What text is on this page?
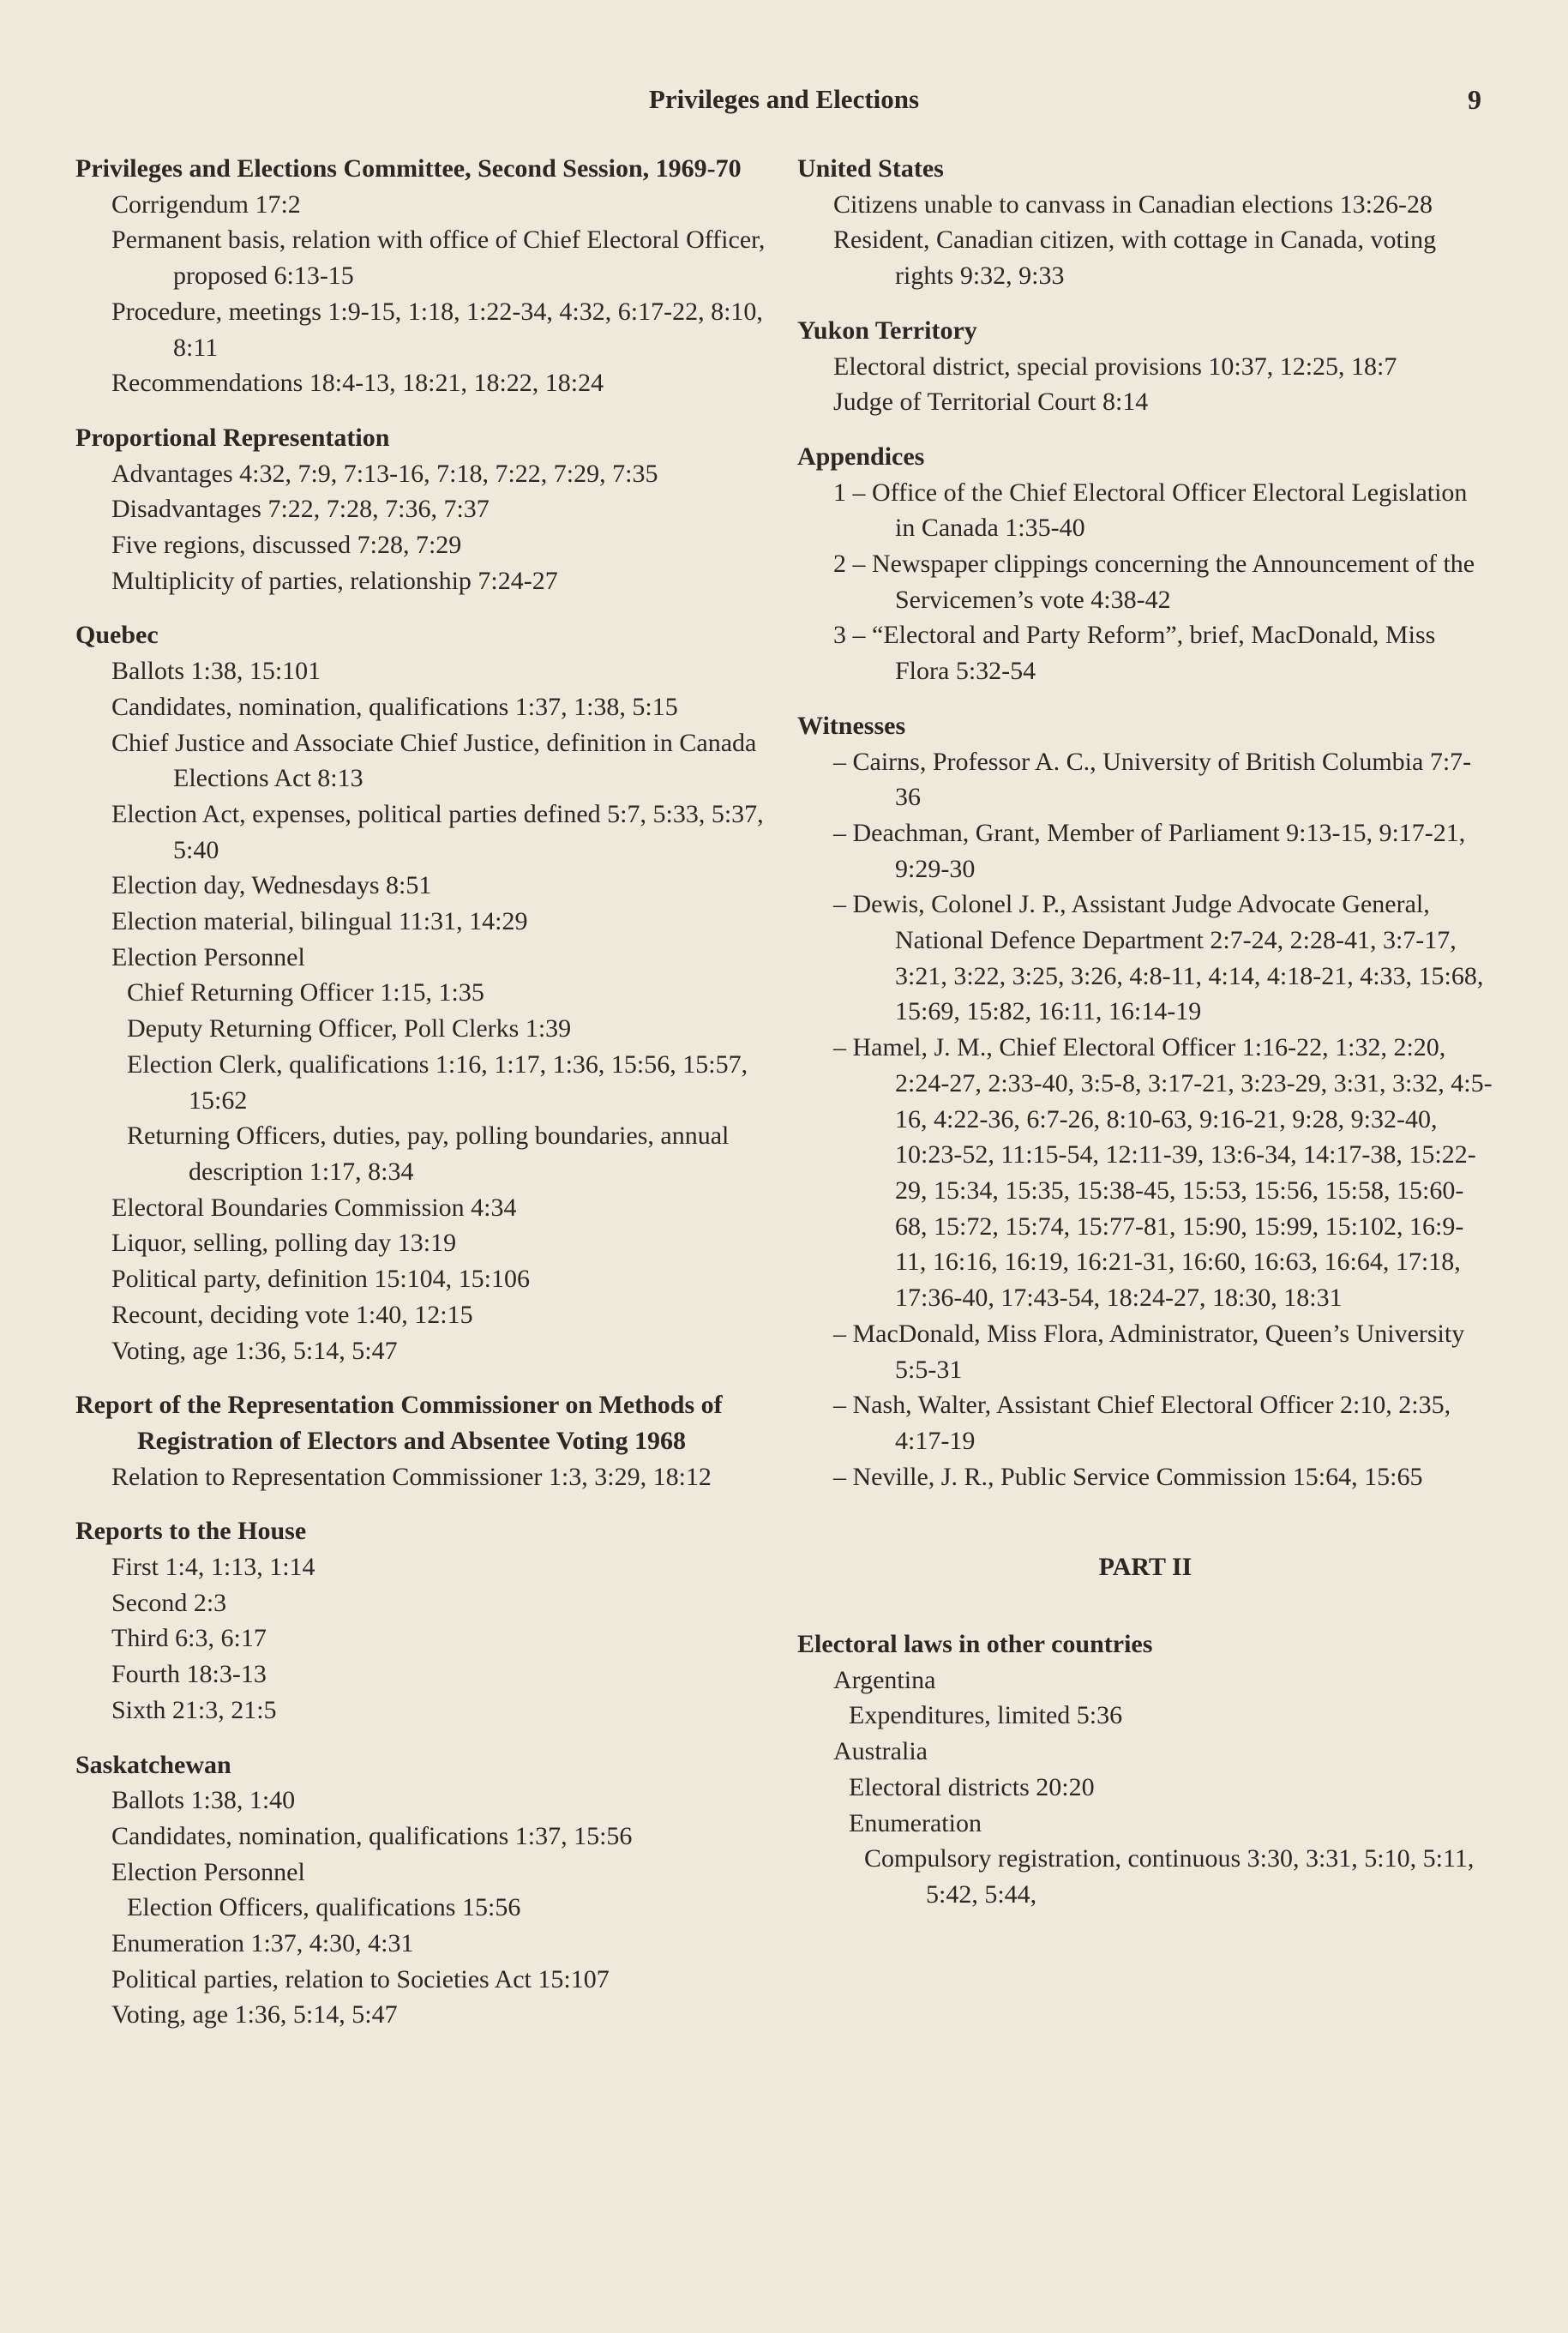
Privileges and Elections	9
Privileges and Elections Committee, Second Session, 1969-70
Corrigendum 17:2
Permanent basis, relation with office of Chief Electoral Officer, proposed 6:13-15
Procedure, meetings 1:9-15, 1:18, 1:22-34, 4:32, 6:17-22, 8:10, 8:11
Recommendations 18:4-13, 18:21, 18:22, 18:24
Proportional Representation
Advantages 4:32, 7:9, 7:13-16, 7:18, 7:22, 7:29, 7:35
Disadvantages 7:22, 7:28, 7:36, 7:37
Five regions, discussed 7:28, 7:29
Multiplicity of parties, relationship 7:24-27
Quebec
Ballots 1:38, 15:101
Candidates, nomination, qualifications 1:37, 1:38, 5:15
Chief Justice and Associate Chief Justice, definition in Canada Elections Act 8:13
Election Act, expenses, political parties defined 5:7, 5:33, 5:37, 5:40
Election day, Wednesdays 8:51
Election material, bilingual 11:31, 14:29
Election Personnel
Chief Returning Officer 1:15, 1:35
Deputy Returning Officer, Poll Clerks 1:39
Election Clerk, qualifications 1:16, 1:17, 1:36, 15:56, 15:57, 15:62
Returning Officers, duties, pay, polling boundaries, annual description 1:17, 8:34
Electoral Boundaries Commission 4:34
Liquor, selling, polling day 13:19
Political party, definition 15:104, 15:106
Recount, deciding vote 1:40, 12:15
Voting, age 1:36, 5:14, 5:47
Report of the Representation Commissioner on Methods of Registration of Electors and Absentee Voting 1968
Relation to Representation Commissioner 1:3, 3:29, 18:12
Reports to the House
First 1:4, 1:13, 1:14
Second 2:3
Third 6:3, 6:17
Fourth 18:3-13
Sixth 21:3, 21:5
Saskatchewan
Ballots 1:38, 1:40
Candidates, nomination, qualifications 1:37, 15:56
Election Personnel
Election Officers, qualifications 15:56
Enumeration 1:37, 4:30, 4:31
Political parties, relation to Societies Act 15:107
Voting, age 1:36, 5:14, 5:47
United States
Citizens unable to canvass in Canadian elections 13:26-28
Resident, Canadian citizen, with cottage in Canada, voting rights 9:32, 9:33
Yukon Territory
Electoral district, special provisions 10:37, 12:25, 18:7
Judge of Territorial Court 8:14
Appendices
1 – Office of the Chief Electoral Officer Electoral Legislation in Canada 1:35-40
2 – Newspaper clippings concerning the Announcement of the Servicemen’s vote 4:38-42
3 – “Electoral and Party Reform”, brief, MacDonald, Miss Flora 5:32-54
Witnesses
– Cairns, Professor A. C., University of British Columbia 7:7-36
– Deachman, Grant, Member of Parliament 9:13-15, 9:17-21, 9:29-30
– Dewis, Colonel J. P., Assistant Judge Advocate General, National Defence Department 2:7-24, 2:28-41, 3:7-17, 3:21, 3:22, 3:25, 3:26, 4:8-11, 4:14, 4:18-21, 4:33, 15:68, 15:69, 15:82, 16:11, 16:14-19
– Hamel, J. M., Chief Electoral Officer 1:16-22, 1:32, 2:20, 2:24-27, 2:33-40, 3:5-8, 3:17-21, 3:23-29, 3:31, 3:32, 4:5-16, 4:22-36, 6:7-26, 8:10-63, 9:16-21, 9:28, 9:32-40, 10:23-52, 11:15-54, 12:11-39, 13:6-34, 14:17-38, 15:22-29, 15:34, 15:35, 15:38-45, 15:53, 15:56, 15:58, 15:60-68, 15:72, 15:74, 15:77-81, 15:90, 15:99, 15:102, 16:9-11, 16:16, 16:19, 16:21-31, 16:60, 16:63, 16:64, 17:18, 17:36-40, 17:43-54, 18:24-27, 18:30, 18:31
– MacDonald, Miss Flora, Administrator, Queen’s University 5:5-31
– Nash, Walter, Assistant Chief Electoral Officer 2:10, 2:35, 4:17-19
– Neville, J. R., Public Service Commission 15:64, 15:65
PART II
Electoral laws in other countries
Argentina
Expenditures, limited 5:36
Australia
Electoral districts 20:20
Enumeration
Compulsory registration, continuous 3:30, 3:31, 5:10, 5:11, 5:42, 5:44,
